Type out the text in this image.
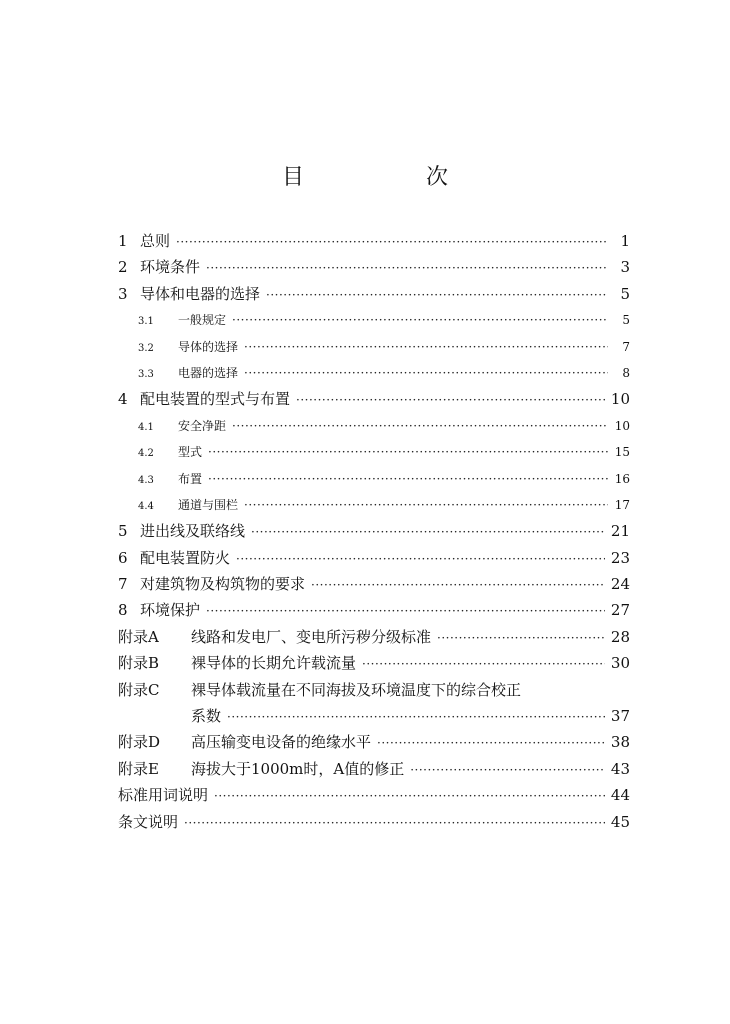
目　次
1 总则 ·····	1
2 环境条件 ·····	3
3 导体和电器的选择 ·····	5
3.1	一般规定 ·····	5
3.2	导体的选择 ·····	7
3.3	电器的选择 ·····	8
4 配电装置的型式与布置 ·····	10
4.1	安全净距 ·····	10
4.2	型式 ·····	15
4.3	布置 ·····	16
4.4	通道与围栏 ·····	17
5 进出线及联络线 ·····	21
6 配电装置防火 ·····	23
7 对建筑物及构筑物的要求 ·····	24
8 环境保护 ·····	27
附录A	线路和发电厂、变电所污秽分级标准 ·····	28
附录B	裸导体的长期允许载流量 ·····	30
附录C	裸导体载流量在不同海拔及环境温度下的综合校正
系数 ·····	37
附录D	高压输变电设备的绝缘水平 ·····	38
附录E	海拔大于1000m时，A值的修正 ·····	43
标准用词说明 ·····	44
条文说明 ·····	45
